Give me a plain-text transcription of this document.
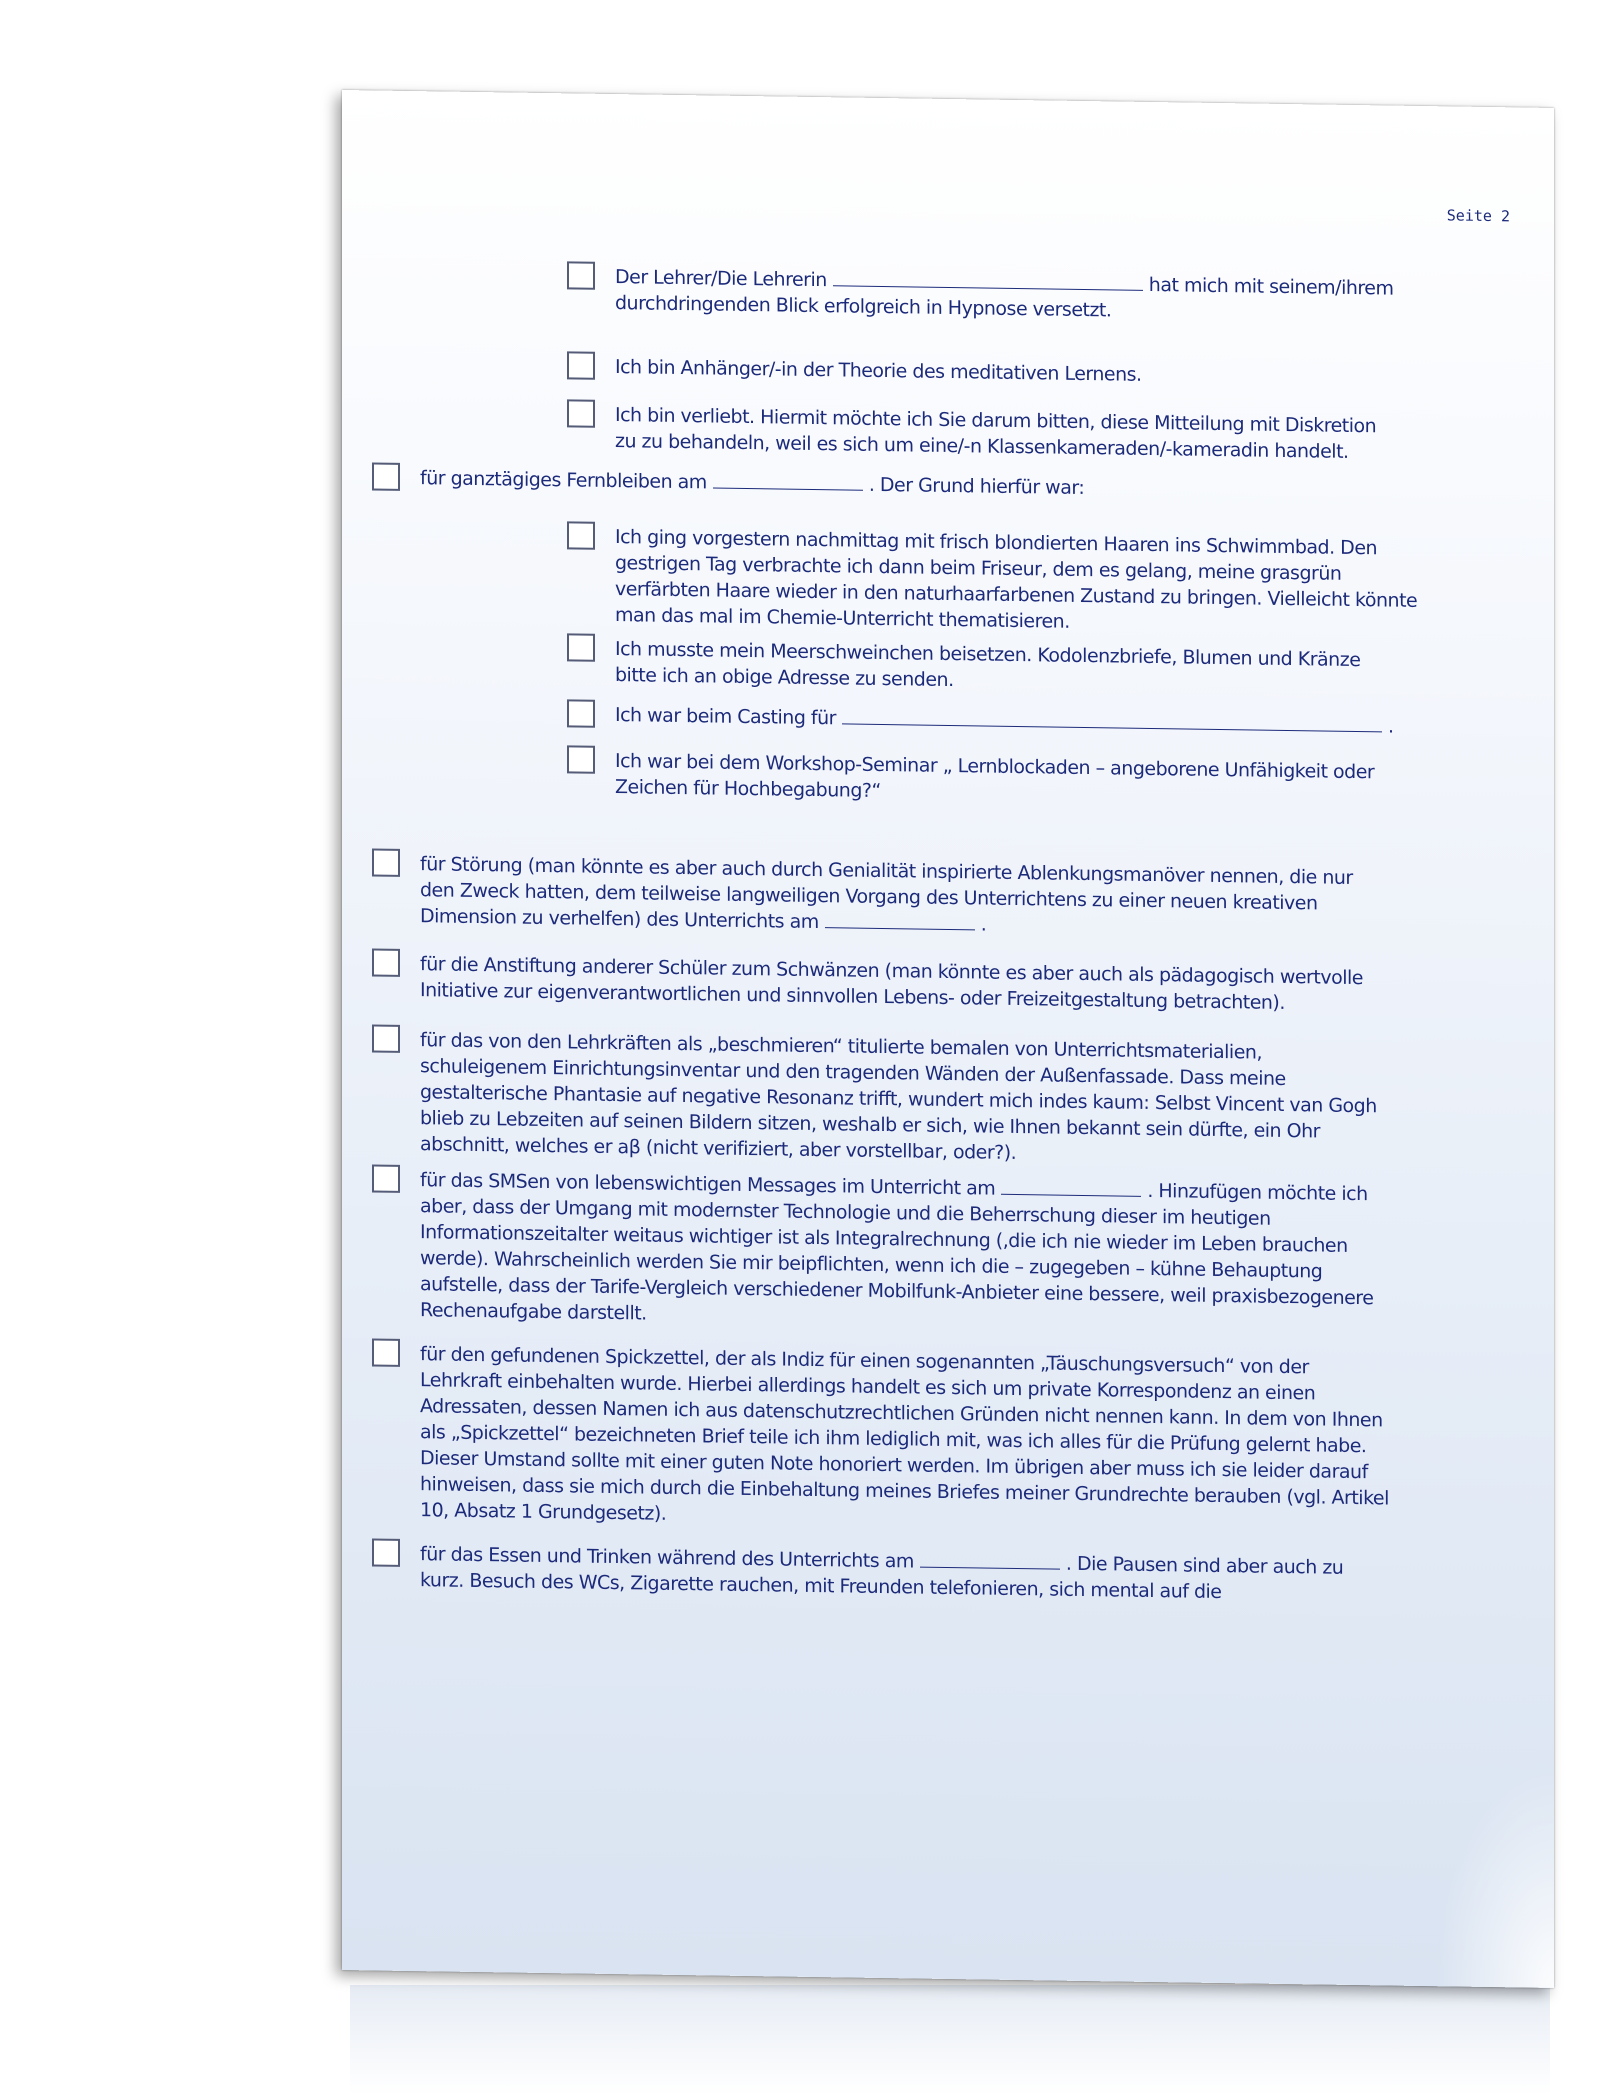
Seite 2
Der Lehrer/Die Lehrerin	hat mich mit seinem/ihrem
durchdringenden Blick erfolgreich in Hypnose versetzt.
Ich bin Anhänger/-in der Theorie des meditativen Lernens.
Ich bin verliebt. Hiermit möchte ich Sie darum bitten, diese Mitteilung mit Diskretion zu zu behandeln, weil es sich um eine/-n Klassenkameraden/-kameradin handelt.
für ganztägiges Fernbleiben am	. Der Grund hierfür war:
Ich ging vorgestern nachmittag mit frisch blondierten Haaren ins Schwimmbad. Den gestrigen Tag verbrachte ich dann beim Friseur, dem es gelang, meine grasgrün verfärbten Haare wieder in den naturhaarfarbenen Zustand zu bringen. Vielleicht könnte man das mal im Chemie-Unterricht thematisieren.
Ich musste mein Meerschweinchen beisetzen. Kodolenzbriefe, Blumen und Kränze bitte ich an obige Adresse zu senden.
Ich war beim Casting für	.
Ich war bei dem Workshop-Seminar „ Lernblockaden – angeborene Unfähigkeit oder Zeichen für Hochbegabung?“
für Störung (man könnte es aber auch durch Genialität inspirierte Ablenkungsmanöver nennen, die nur den Zweck hatten, dem teilweise langweiligen Vorgang des Unterrichtens zu einer neuen kreativen Dimension zu verhelfen) des Unterrichts am	.
für die Anstiftung anderer Schüler zum Schwänzen (man könnte es aber auch als pädagogisch wertvolle Initiative zur eigenverantwortlichen und sinnvollen Lebens- oder Freizeitgestaltung betrachten).
für das von den Lehrkräften als „beschmieren“ titulierte bemalen von Unterrichtsmaterialien, schuleigenem Einrichtungsinventar und den tragenden Wänden der Außenfassade. Dass meine gestalterische Phantasie auf negative Resonanz trifft, wundert mich indes kaum: Selbst Vincent van Gogh blieb zu Lebzeiten auf seinen Bildern sitzen, weshalb er sich, wie Ihnen bekannt sein dürfte, ein Ohr abschnitt, welches er aβ (nicht verifiziert, aber vorstellbar, oder?).
für das SMSen von lebenswichtigen Messages im Unterricht am	. Hinzufügen möchte ich aber, dass der Umgang mit modernster Technologie und die Beherrschung dieser im heutigen Informationszeitalter weitaus wichtiger ist als Integralrechnung (,die ich nie wieder im Leben brauchen werde). Wahrscheinlich werden Sie mir beipflichten, wenn ich die – zugegeben – kühne Behauptung aufstelle, dass der Tarife-Vergleich verschiedener Mobilfunk-Anbieter eine bessere, weil praxisbezogenere Rechenaufgabe darstellt.
für den gefundenen Spickzettel, der als Indiz für einen sogenannten „Täuschungsversuch“ von der Lehrkraft einbehalten wurde. Hierbei allerdings handelt es sich um private Korrespondenz an einen Adressaten, dessen Namen ich aus datenschutzrechtlichen Gründen nicht nennen kann. In dem von Ihnen als „Spickzettel“ bezeichneten Brief teile ich ihm lediglich mit, was ich alles für die Prüfung gelernt habe. Dieser Umstand sollte mit einer guten Note honoriert werden. Im übrigen aber muss ich sie leider darauf hinweisen, dass sie mich durch die Einbehaltung meines Briefes meiner Grundrechte berauben (vgl. Artikel 10, Absatz 1 Grundgesetz).
für das Essen und Trinken während des Unterrichts am	. Die Pausen sind aber auch zu kurz. Besuch des WCs, Zigarette rauchen, mit Freunden telefonieren, sich mental auf die
